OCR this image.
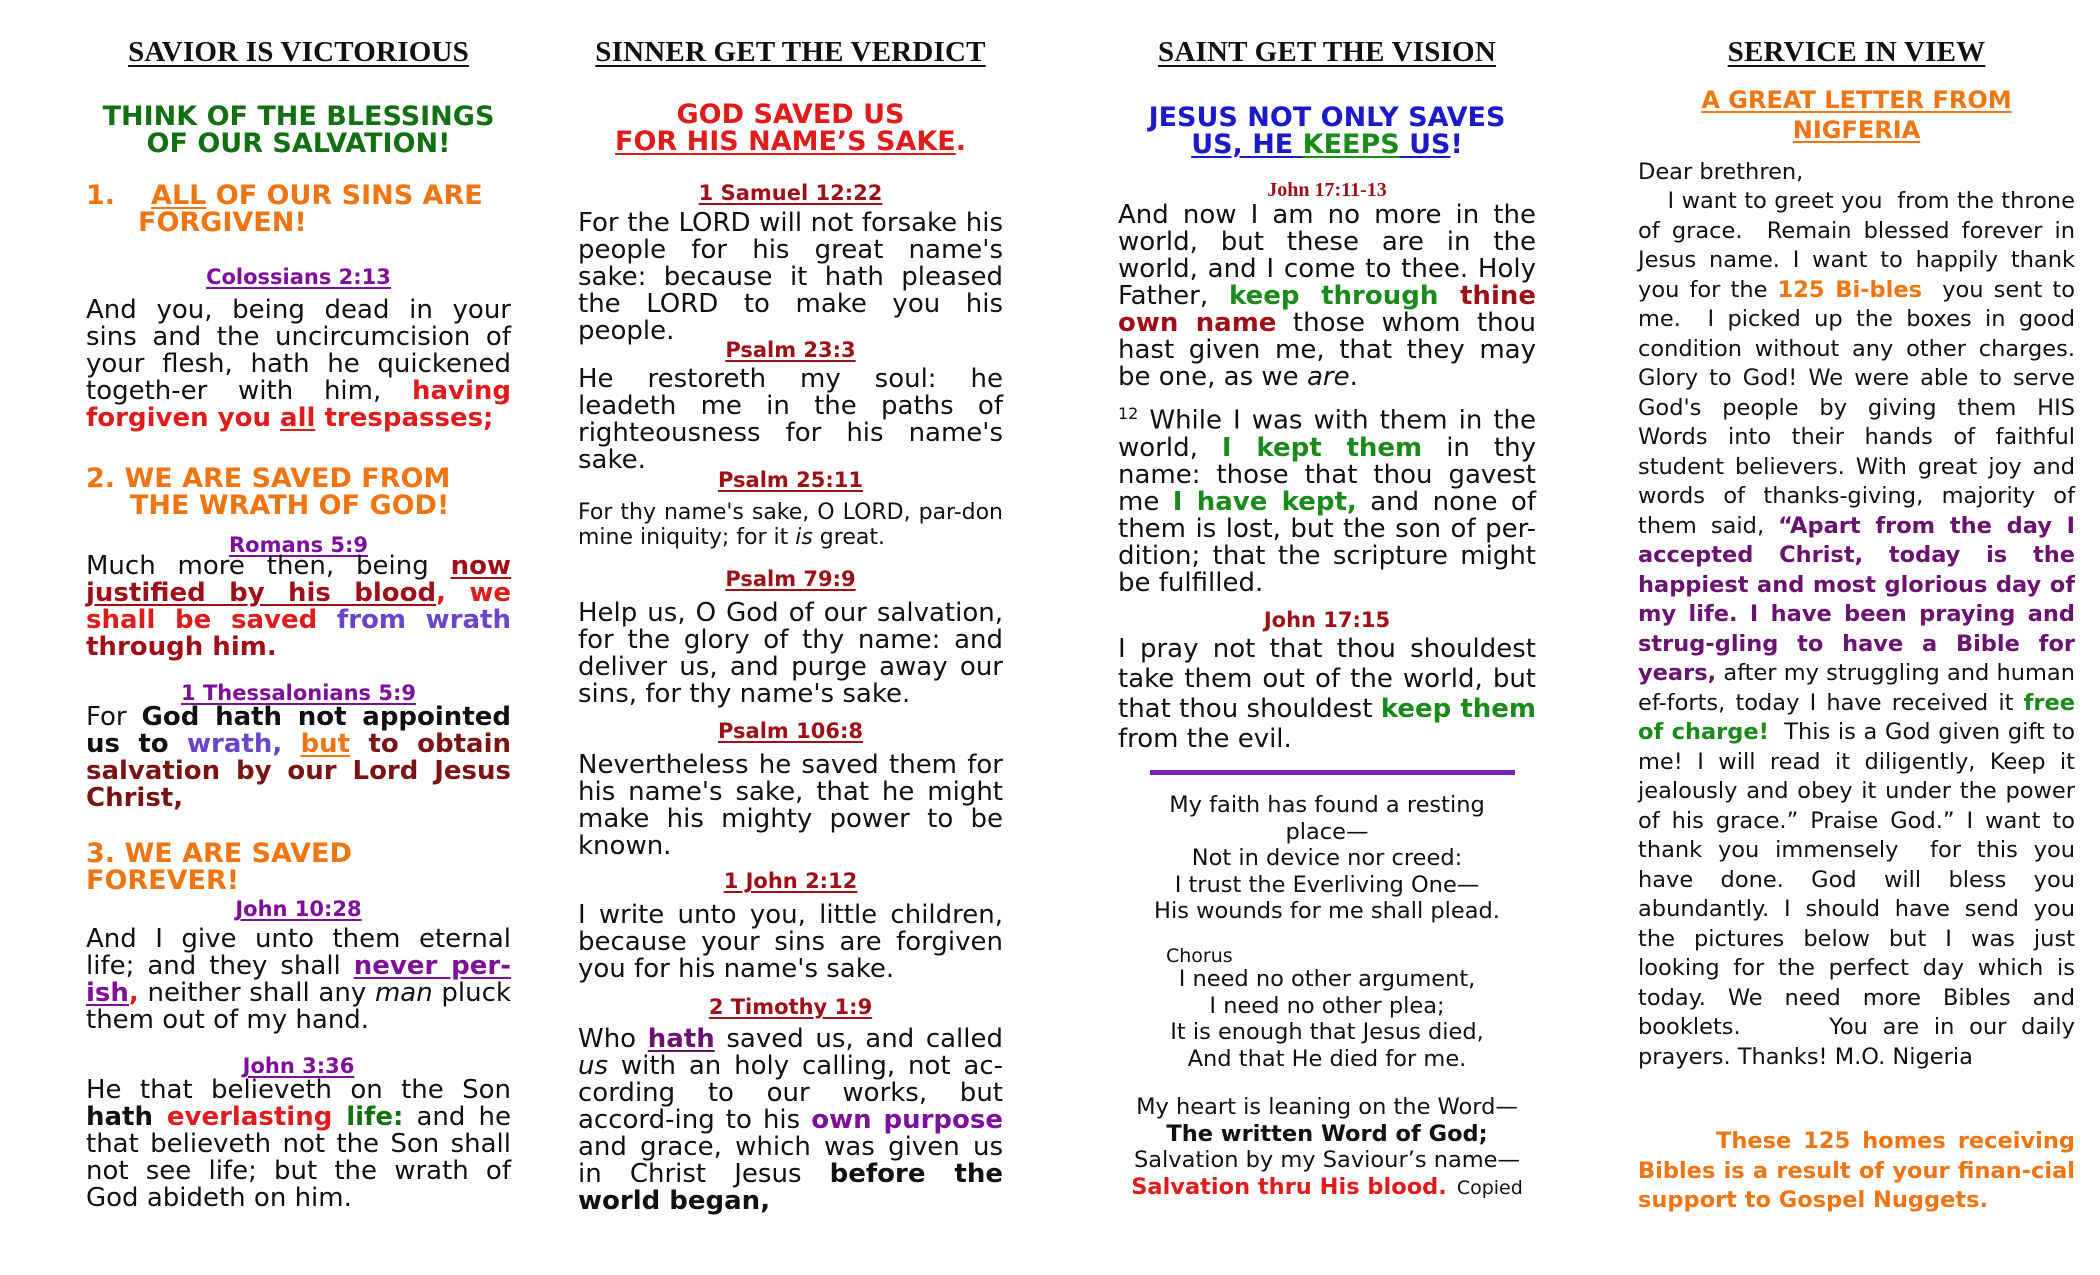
SAVIOR IS VICTORIOUS
THINK OF THE BLESSINGS
OF OUR SALVATION!
1. ALL OF OUR SINS ARE
FORGIVEN!
Colossians 2:13
And you, being dead in your sins and the uncircumcision of your flesh, hath he quickened togeth-er with him, having forgiven you all trespasses;
2. WE ARE SAVED FROM
THE WRATH OF GOD!
Romans 5:9
Much more then, being now justified by his blood, we shall be saved from wrath through him.
1 Thessalonians 5:9
For God hath not appointed us to wrath, but to obtain salvation by our Lord Jesus Christ,
3. WE ARE SAVED FOREVER!
John 10:28
And I give unto them eternal life; and they shall never per-ish, neither shall any man pluck them out of my hand.
John 3:36
He that believeth on the Son hath everlasting life: and he that believeth not the Son shall not see life; but the wrath of God abideth on him.
SINNER GET THE VERDICT
GOD SAVED US
FOR HIS NAME’S SAKE.
1 Samuel 12:22
For the LORD will not forsake his people for his great name's sake: because it hath pleased the LORD to make you his people.
Psalm 23:3
He restoreth my soul: he leadeth me in the paths of righteousness for his name's sake.
Psalm 25:11
For thy name's sake, O LORD, par-don mine iniquity; for it is great.
Psalm 79:9
Help us, O God of our salvation, for the glory of thy name: and deliver us, and purge away our sins, for thy name's sake.
Psalm 106:8
Nevertheless he saved them for his name's sake, that he might make his mighty power to be known.
1 John 2:12
I write unto you, little children, because your sins are forgiven you for his name's sake.
2 Timothy 1:9
Who hath saved us, and called us with an holy calling, not ac-cording to our works, but accord-ing to his own purpose and grace, which was given us in Christ Jesus before the world began,
SAINT GET THE VISION
JESUS NOT ONLY SAVES
US, HE KEEPS US!
John 17:11-13
And now I am no more in the world, but these are in the world, and I come to thee. Holy Father, keep through thine own name those whom thou hast given me, that they may be one, as we are.
$^{12}$ While I was with them in the world, I kept them in thy name: those that thou gavest me I have kept, and none of them is lost, but the son of per-dition; that the scripture might be fulfilled.
John 17:15
I pray not that thou shouldest take them out of the world, but that thou shouldest keep them from the evil.
My faith has found a resting
place—
Not in device nor creed:
I trust the Everliving One—
His wounds for me shall plead.
Chorus
I need no other argument,
I need no other plea;
It is enough that Jesus died,
And that He died for me.
My heart is leaning on the Word—
The written Word of God;
Salvation by my Saviour’s name—
Salvation thru His blood. Copied
SERVICE IN VIEW
A GREAT LETTER FROM
NIGFERIA
Dear brethren,
I want to greet you  from the throne of grace.  Remain blessed forever in Jesus name. I want to happily thank you for the 125 Bi-bles  you sent to me.  I picked up the boxes in good condition without any other charges.  Glory to God! We were able to serve God's people by giving them HIS Words into their hands of faithful student believers. With great joy and words of thanks-giving, majority of them said, “Apart from the day I accepted Christ, today is the happiest and most glorious day of my life. I have been praying and strug-gling to have a Bible for years, after my struggling and human ef-forts, today I have received it free of charge!  This is a God given gift to me! I will read it diligently, Keep it jealously and obey it under the power of his grace.” Praise God.” I want to thank you immensely  for this you have done. God will bless you abundantly. I should have send you the pictures below but I was just looking for the perfect day which is today. We need more Bibles and booklets.      You are in our daily prayers. Thanks! M.O. Nigeria
These 125 homes receiving Bibles is a result of your finan-cial support to Gospel Nuggets.
